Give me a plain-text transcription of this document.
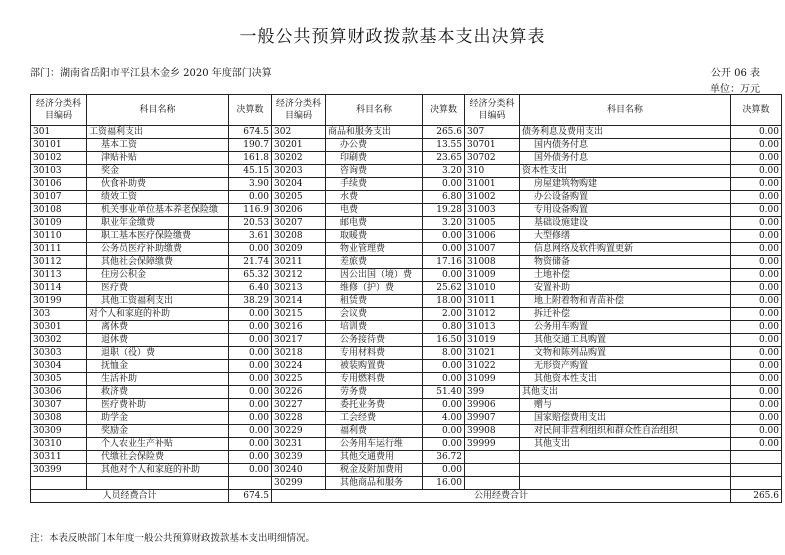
一般公共预算财政拨款基本支出决算表
部门：湖南省岳阳市平江县木金乡 2020 年度部门决算	公开 06 表
单位：万元
经济分类科目编码	科目名称	决算数	经济分类科目编码	科目名称	决算数	经济分类科目编码	科目名称	决算数
301	工资福利支出	674.5	302	商品和服务支出	265.6	307	债务利息及费用支出	0.00
30101	基本工资	190.7	30201	办公费	13.55	30701	国内债务付息	0.00
30102	津贴补贴	161.8	30202	印刷费	23.65	30702	国外债务付息	0.00
30103	奖金	45.15	30203	咨询费	3.20	310	资本性支出	0.00
30106	伙食补助费	3.90	30204	手续费	0.00	31001	房屋建筑物购建	0.00
30107	绩效工资	0.00	30205	水费	6.80	31002	办公设备购置	0.00
30108	机关事业单位基本养老保险缴	116.9	30206	电费	19.28	31003	专用设备购置	0.00
30109	职业年金缴费	20.53	30207	邮电费	3.20	31005	基础设施建设	0.00
30110	职工基本医疗保险缴费	3.61	30208	取暖费	0.00	31006	大型修缮	0.00
30111	公务员医疗补助缴费	0.00	30209	物业管理费	0.00	31007	信息网络及软件购置更新	0.00
30112	其他社会保障缴费	21.74	30211	差旅费	17.16	31008	物资储备	0.00
30113	住房公积金	65.32	30212	因公出国（境）费	0.00	31009	土地补偿	0.00
30114	医疗费	6.40	30213	维修（护）费	25.62	31010	安置补助	0.00
30199	其他工资福利支出	38.29	30214	租赁费	18.00	31011	地上附着物和青苗补偿	0.00
303	对个人和家庭的补助	0.00	30215	会议费	2.00	31012	拆迁补偿	0.00
30301	离休费	0.00	30216	培训费	0.80	31013	公务用车购置	0.00
30302	退休费	0.00	30217	公务接待费	16.50	31019	其他交通工具购置	0.00
30303	退职（役）费	0.00	30218	专用材料费	8.00	31021	文物和陈列品购置	0.00
30304	抚恤金	0.00	30224	被装购置费	0.00	31022	无形资产购置	0.00
30305	生活补助	0.00	30225	专用燃料费	0.00	31099	其他资本性支出	0.00
30306	救济费	0.00	30226	劳务费	51.40	399	其他支出	0.00
30307	医疗费补助	0.00	30227	委托业务费	0.00	39906	赠与	0.00
30308	助学金	0.00	30228	工会经费	4.00	39907	国家赔偿费用支出	0.00
30309	奖励金	0.00	30229	福利费	0.00	39908	对民间非营利组织和群众性自治组织	0.00
30310	个人农业生产补贴	0.00	30231	公务用车运行维	0.00	39999	其他支出	0.00
30311	代缴社会保险费	0.00	30239	其他交通费用	36.72			
30399	其他对个人和家庭的补助	0.00	30240	税金及附加费用	0.00			
			30299	其他商品和服务	16.00			
人员经费合计		674.5	公用经费合计					265.6
注：本表反映部门本年度一般公共预算财政拨款基本支出明细情况。
